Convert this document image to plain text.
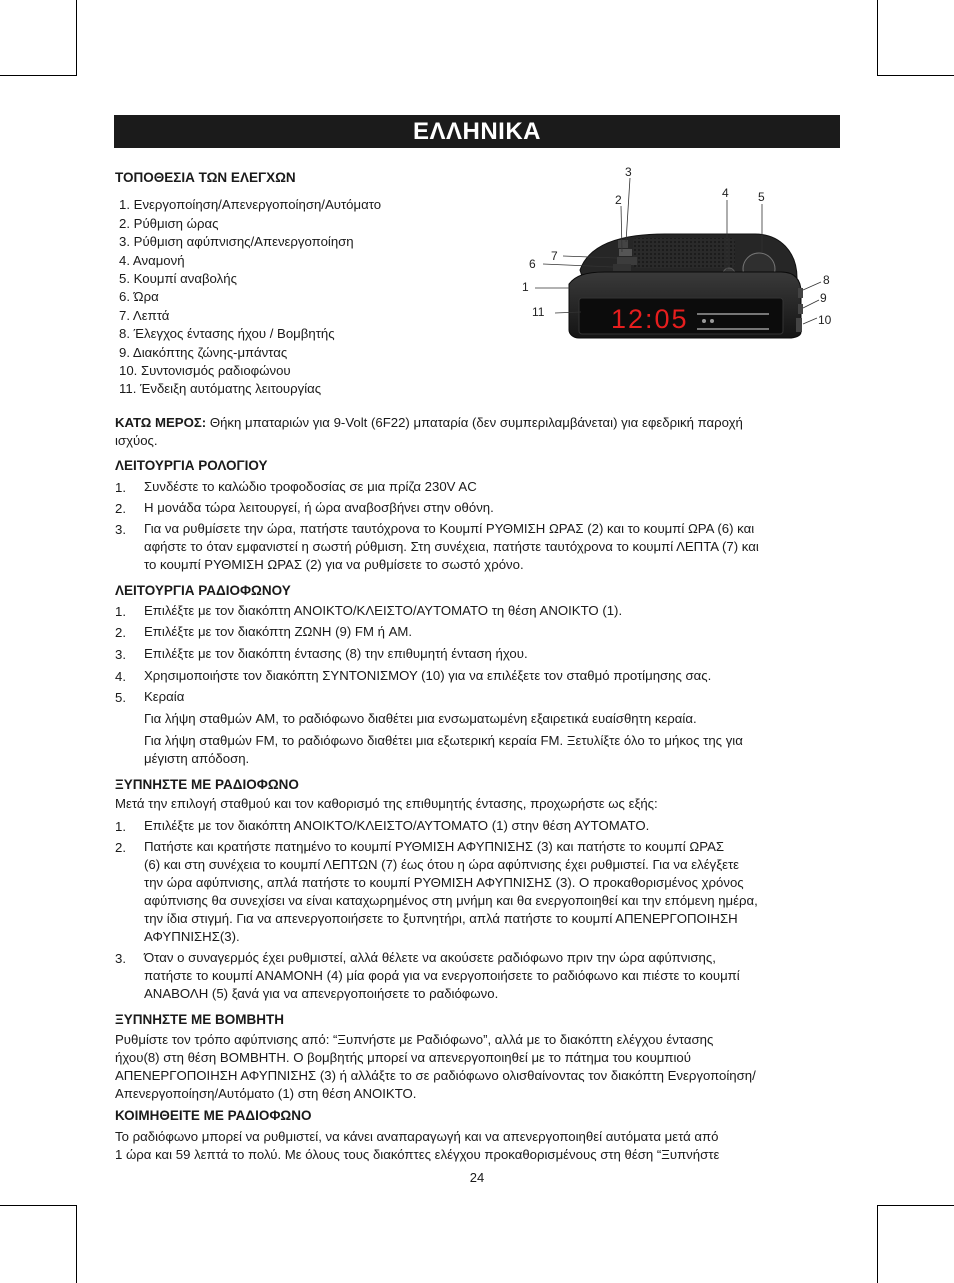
ΕΛΛΗΝΙΚΑ
ΤΟΠΟΘΕΣΙΑ ΤΩΝ ΕΛΕΓΧΩΝ
1. Ενεργοποίηση/Απενεργοποίηση/Αυτόματο
2. Ρύθμιση ώρας
3. Ρύθμιση αφύπνισης/Απενεργοποίηση
4. Αναμονή
5. Κουμπί αναβολής
6. Ώρα
7. Λεπτά
8. Έλεγχος έντασης ήχου / Βομβητής
9. Διακόπτης ζώνης-μπάντας
10. Συντονισμός ραδιοφώνου
11. Ένδειξη αυτόματης λειτουργίας
12:05
3
2	4 5
7
6
1
11
8
9
10
ΚΑΤΩ ΜΕΡΟΣ: Θήκη μπαταριών για 9-Volt (6F22) μπαταρία (δεν συμπεριλαμβάνεται) για εφεδρική παροχή
ισχύος.
ΛΕΙΤΟΥΡΓΙΑ ΡΟΛΟΓΙΟΥ
1. Συνδέστε το καλώδιο τροφοδοσίας σε μια πρίζα 230V AC
2. Η μονάδα τώρα λειτουργεί, ή ώρα αναβοσβήνει στην οθόνη.
3. Για να ρυθμίσετε την ώρα, πατήστε ταυτόχρονα το Κουμπί ΡΥΘΜΙΣΗ ΩΡΑΣ (2) και το κουμπί ΩΡΑ (6) και
αφήστε το όταν εμφανιστεί η σωστή ρύθμιση. Στη συνέχεια, πατήστε ταυτόχρονα το κουμπί ΛΕΠΤΑ (7) και
το κουμπί ΡΥΘΜΙΣΗ ΩΡΑΣ (2) για να ρυθμίσετε το σωστό χρόνο.
ΛΕΙΤΟΥΡΓΙΑ ΡΑΔΙΟΦΩΝΟΥ
1. Επιλέξτε με τον διακόπτη ΑΝΟΙΚΤΟ/ΚΛΕΙΣΤΟ/ΑΥΤΟΜΑΤΟ τη θέση ΑΝΟΙΚΤΟ (1).
2. Επιλέξτε με τον διακόπτη ΖΩΝΗ (9) FM ή AM.
3. Επιλέξτε με τον διακόπτη έντασης (8) την επιθυμητή ένταση ήχου.
4. Χρησιμοποιήστε τον διακόπτη ΣΥΝΤΟΝΙΣΜΟΥ (10) για να επιλέξετε τον σταθμό προτίμησης σας.
5. Κεραία
Για λήψη σταθμών AM, το ραδιόφωνο διαθέτει μια ενσωματωμένη εξαιρετικά ευαίσθητη κεραία.
Για λήψη σταθμών FM, το ραδιόφωνο διαθέτει μια εξωτερική κεραία FM. Ξετυλίξτε όλο το μήκος της για
μέγιστη απόδοση.
ΞΥΠΝΗΣΤΕ ΜΕ ΡΑΔΙΟΦΩΝΟ
Μετά την επιλογή σταθμού και τον καθορισμό της επιθυμητής έντασης, προχωρήστε ως εξής:
1. Επιλέξτε με τον διακόπτη ΑΝΟΙΚΤΟ/ΚΛΕΙΣΤΟ/ΑΥΤΟΜΑΤΟ (1) στην θέση ΑΥΤΟΜΑΤΟ.
2. Πατήστε και κρατήστε πατημένο το κουμπί ΡΥΘΜΙΣΗ ΑΦΥΠΝΙΣΗΣ (3) και πατήστε το κουμπί ΩΡΑΣ
(6) και στη συνέχεια το κουμπί ΛΕΠΤΩΝ (7) έως ότου η ώρα αφύπνισης έχει ρυθμιστεί. Για να ελέγξετε
την ώρα αφύπνισης, απλά πατήστε το κουμπί ΡΥΘΜΙΣΗ ΑΦΥΠΝΙΣΗΣ (3). Ο προκαθορισμένος χρόνος
αφύπνισης θα συνεχίσει να είναι καταχωρημένος στη μνήμη και θα ενεργοποιηθεί και την επόμενη ημέρα,
την ίδια στιγμή. Για να απενεργοποιήσετε το ξυπνητήρι, απλά πατήστε το κουμπί ΑΠΕΝΕΡΓΟΠΟΙΗΣΗ
ΑΦΥΠΝΙΣΗΣ(3).
3. Όταν ο συναγερμός έχει ρυθμιστεί, αλλά θέλετε να ακούσετε ραδιόφωνο πριν την ώρα αφύπνισης,
πατήστε το κουμπί ΑΝΑΜΟΝΗ (4) μία φορά για να ενεργοποιήσετε το ραδιόφωνο και πιέστε το κουμπί
ΑΝΑΒΟΛΗ (5) ξανά για να απενεργοποιήσετε το ραδιόφωνο.
ΞΥΠΝΗΣΤΕ ΜΕ ΒΟΜΒΗΤΗ
Ρυθμίστε τον τρόπο αφύπνισης από: “Ξυπνήστε με Ραδιόφωνο”, αλλά με το διακόπτη ελέγχου έντασης
ήχου(8) στη θέση ΒΟΜΒΗΤΗ. Ο βομβητής μπορεί να απενεργοποιηθεί με το πάτημα του κουμπιού
ΑΠΕΝΕΡΓΟΠΟΙΗΣΗ ΑΦΥΠΝΙΣΗΣ (3) ή αλλάξτε το σε ραδιόφωνο ολισθαίνοντας τον διακόπτη Ενεργοποίηση/
Απενεργοποίηση/Αυτόματο (1) στη θέση ΑΝΟΙΚΤΟ.
ΚΟΙΜΗΘΕΙΤΕ ΜΕ ΡΑΔΙΟΦΩΝΟ
Το ραδιόφωνο μπορεί να ρυθμιστεί, να κάνει αναπαραγωγή και να απενεργοποιηθεί αυτόματα μετά από
1 ώρα και 59 λεπτά το πολύ. Με όλους τους διακόπτες ελέγχου προκαθορισμένους στη θέση “Ξυπνήστε
24
